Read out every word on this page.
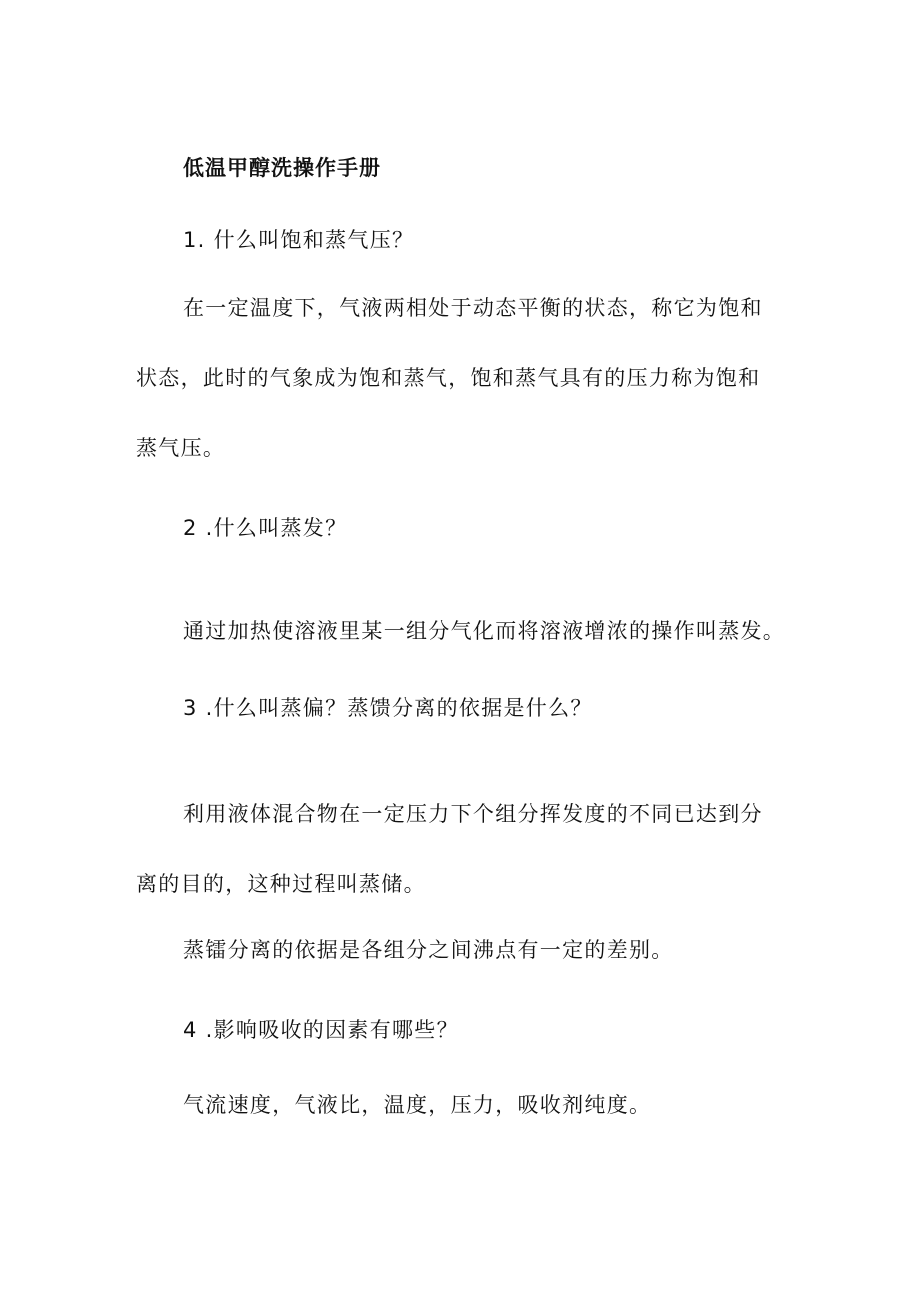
低温甲醇洗操作手册
1. 什么叫饱和蒸气压？
在一定温度下，气液两相处于动态平衡的状态，称它为饱和
状态，此时的气象成为饱和蒸气，饱和蒸气具有的压力称为饱和
蒸气压。
2 .什么叫蒸发？
通过加热使溶液里某一组分气化而将溶液增浓的操作叫蒸发。
3 .什么叫蒸偏？蒸馈分离的依据是什么？
利用液体混合物在一定压力下个组分挥发度的不同已达到分
离的目的，这种过程叫蒸储。
蒸镭分离的依据是各组分之间沸点有一定的差别。
4 .影响吸收的因素有哪些？
气流速度，气液比，温度，压力，吸收剂纯度。
